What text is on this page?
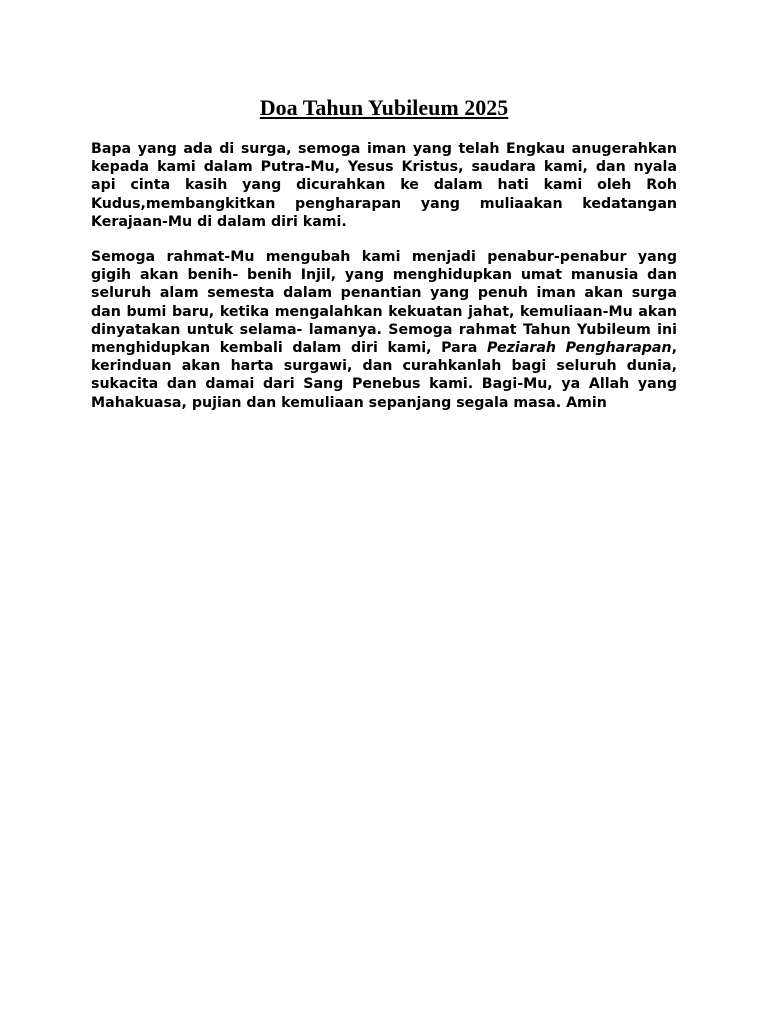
Doa Tahun Yubileum 2025

Bapa yang ada di surga, semoga iman yang telah Engkau anugerahkan kepada kami dalam Putra-Mu, Yesus Kristus, saudara kami, dan nyala api cinta kasih yang dicurahkan ke dalam hati kami oleh Roh Kudus,membangkitkan pengharapan yang muliaakan kedatangan Kerajaan-Mu di dalam diri kami.

Semoga rahmat-Mu mengubah kami menjadi penabur-penabur yang gigih akan benih- benih Injil, yang menghidupkan umat manusia dan seluruh alam semesta dalam penantian yang penuh iman akan surga dan bumi baru, ketika mengalahkan kekuatan jahat, kemuliaan-Mu akan dinyatakan untuk selama- lamanya. Semoga rahmat Tahun Yubileum ini menghidupkan kembali dalam diri kami, Para Peziarah Pengharapan, kerinduan akan harta surgawi, dan curahkanlah bagi seluruh dunia, sukacita dan damai dari Sang Penebus kami. Bagi-Mu, ya Allah yang Mahakuasa, pujian dan kemuliaan sepanjang segala masa. Amin
